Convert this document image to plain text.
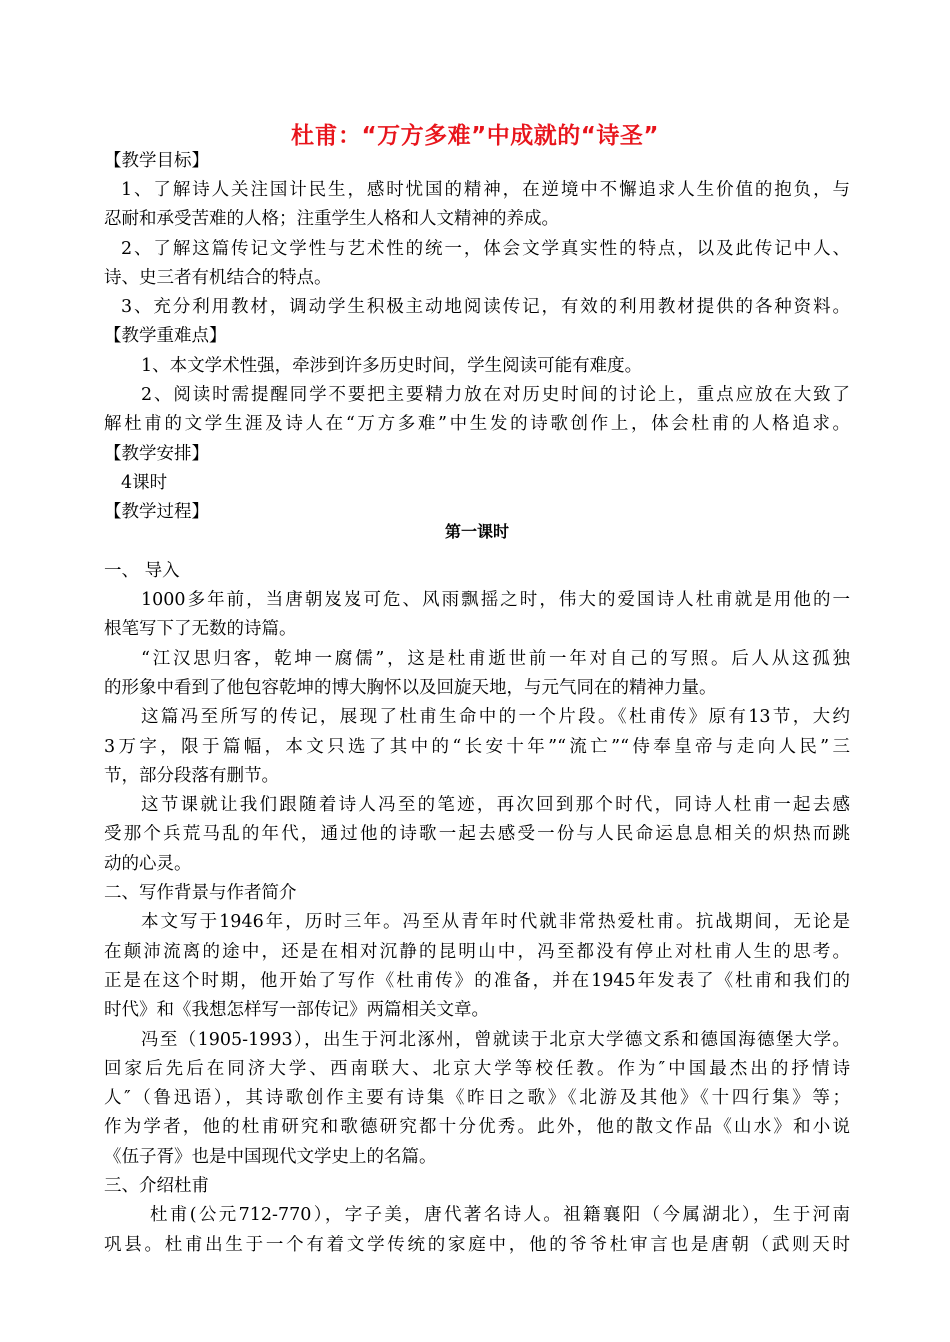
杜甫：“万方多难”中成就的“诗圣”
第一课时
【教学目标】
1、了解诗人关注国计民生，感时忧国的精神，在逆境中不懈追求人生价值的抱负，与
忍耐和承受苦难的人格；注重学生人格和人文精神的养成。
2、了解这篇传记文学性与艺术性的统一，体会文学真实性的特点，以及此传记中人、
诗、史三者有机结合的特点。
3、充分利用教材，调动学生积极主动地阅读传记，有效的利用教材提供的各种资料。
【教学重难点】
1、本文学术性强，牵涉到许多历史时间，学生阅读可能有难度。
2、阅读时需提醒同学不要把主要精力放在对历史时间的讨论上，重点应放在大致了
解杜甫的文学生涯及诗人在“万方多难”中生发的诗歌创作上，体会杜甫的人格追求。
【教学安排】
4课时
【教学过程】
一、 导入
1000多年前，当唐朝岌岌可危、风雨飘摇之时，伟大的爱国诗人杜甫就是用他的一
根笔写下了无数的诗篇。
“江汉思归客，乾坤一腐儒”，这是杜甫逝世前一年对自己的写照。后人从这孤独
的形象中看到了他包容乾坤的博大胸怀以及回旋天地，与元气同在的精神力量。
这篇冯至所写的传记，展现了杜甫生命中的一个片段。《杜甫传》原有13节，大约
3万字，限于篇幅，本文只选了其中的“长安十年”“流亡”“侍奉皇帝与走向人民”三
节，部分段落有删节。
这节课就让我们跟随着诗人冯至的笔迹，再次回到那个时代，同诗人杜甫一起去感
受那个兵荒马乱的年代，通过他的诗歌一起去感受一份与人民命运息息相关的炽热而跳
动的心灵。
二、写作背景与作者简介
本文写于1946年，历时三年。冯至从青年时代就非常热爱杜甫。抗战期间，无论是
在颠沛流离的途中，还是在相对沉静的昆明山中，冯至都没有停止对杜甫人生的思考。
正是在这个时期，他开始了写作《杜甫传》的准备，并在1945年发表了《杜甫和我们的
时代》和《我想怎样写一部传记》两篇相关文章。
冯至（1905-1993），出生于河北涿州，曾就读于北京大学德文系和德国海德堡大学。
回家后先后在同济大学、西南联大、北京大学等校任教。作为″中国最杰出的抒情诗
人″（鲁迅语），其诗歌创作主要有诗集《昨日之歌》《北游及其他》《十四行集》等；
作为学者，他的杜甫研究和歌德研究都十分优秀。此外，他的散文作品《山水》和小说
《伍子胥》也是中国现代文学史上的名篇。
三、介绍杜甫
杜甫(公元712-770），字子美，唐代著名诗人。祖籍襄阳（今属湖北），生于河南
巩县。杜甫出生于一个有着文学传统的家庭中，他的爷爷杜审言也是唐朝（武则天时
